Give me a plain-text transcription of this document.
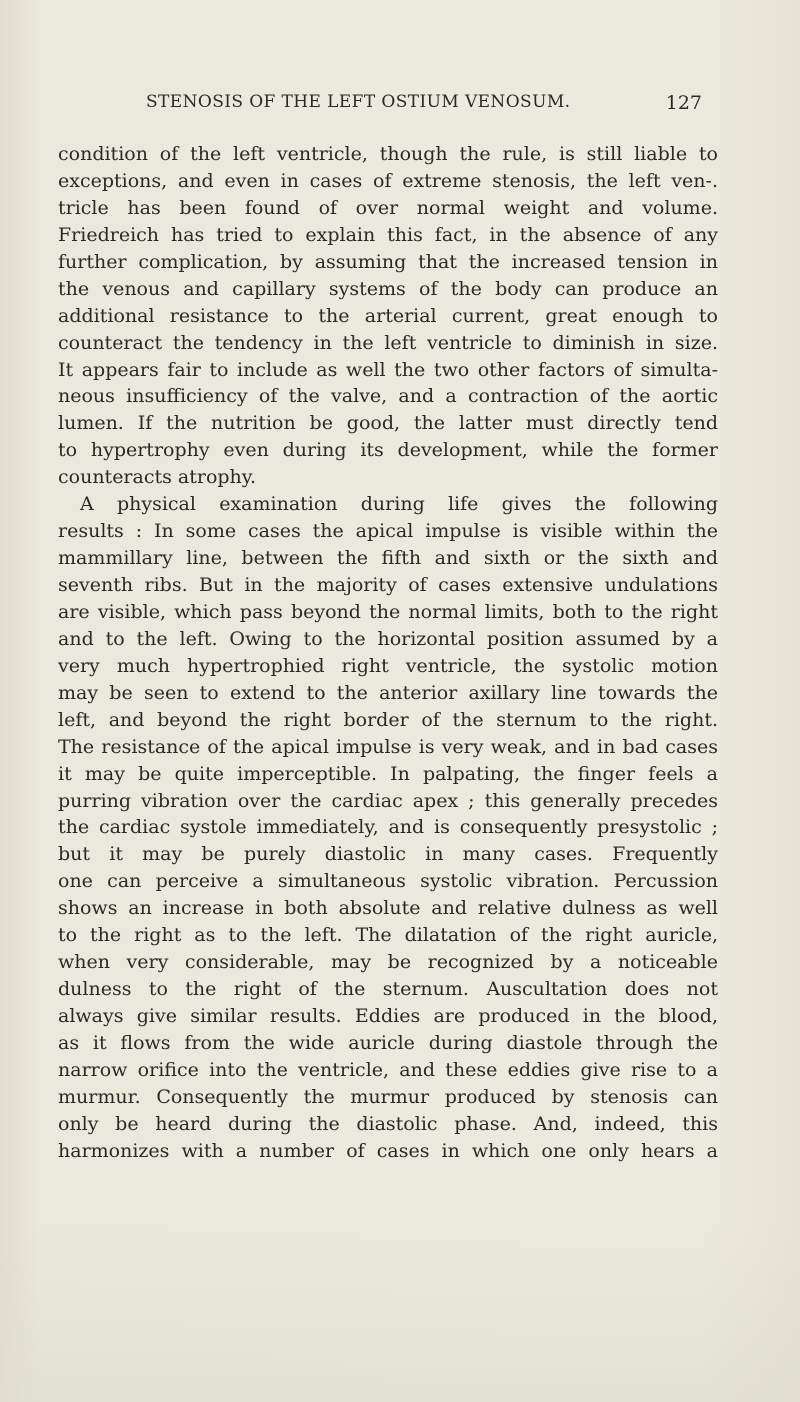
STENOSIS OF THE LEFT OSTIUM VENOSUM.	127
condition of the left ventricle, though the rule, is still liable to
exceptions, and even in cases of extreme stenosis, the left ven-.
tricle has been found of over normal weight and volume.
Friedreich has tried to explain this fact, in the absence of any
further complication, by assuming that the increased tension in
the venous and capillary systems of the body can produce an
additional resistance to the arterial current, great enough to
counteract the tendency in the left ventricle to diminish in size.
It appears fair to include as well the two other factors of simulta-
neous insufficiency of the valve, and a contraction of the aortic
lumen. If the nutrition be good, the latter must directly tend
to hypertrophy even during its development, while the former
counteracts atrophy.
A physical examination during life gives the following
results : In some cases the apical impulse is visible within the
mammillary line, between the fifth and sixth or the sixth and
seventh ribs. But in the majority of cases extensive undulations
are visible, which pass beyond the normal limits, both to the right
and to the left. Owing to the horizontal position assumed by a
very much hypertrophied right ventricle, the systolic motion
may be seen to extend to the anterior axillary line towards the
left, and beyond the right border of the sternum to the right.
The resistance of the apical impulse is very weak, and in bad cases
it may be quite imperceptible. In palpating, the finger feels a
purring vibration over the cardiac apex ; this generally precedes
the cardiac systole immediately, and is consequently presystolic ;
but it may be purely diastolic in many cases. Frequently
one can perceive a simultaneous systolic vibration. Percussion
shows an increase in both absolute and relative dulness as well
to the right as to the left. The dilatation of the right auricle,
when very considerable, may be recognized by a noticeable
dulness to the right of the sternum. Auscultation does not
always give similar results. Eddies are produced in the blood,
as it flows from the wide auricle during diastole through the
narrow orifice into the ventricle, and these eddies give rise to a
murmur. Consequently the murmur produced by stenosis can
only be heard during the diastolic phase. And, indeed, this
harmonizes with a number of cases in which one only hears a
